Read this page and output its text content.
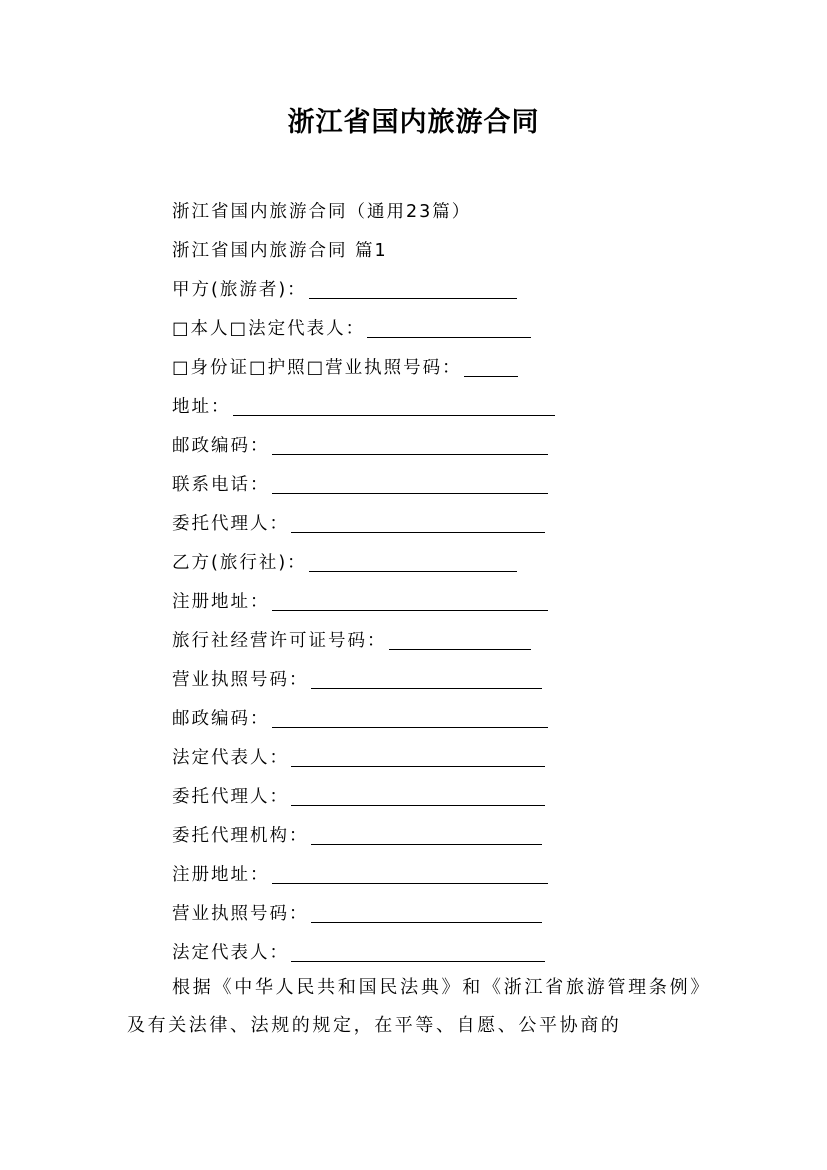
浙江省国内旅游合同
浙江省国内旅游合同（通用23篇）
浙江省国内旅游合同 篇1
甲方(旅游者)：
□本人□法定代表人：
□身份证□护照□营业执照号码：
地址：
邮政编码：
联系电话：
委托代理人：
乙方(旅行社)：
注册地址：
旅行社经营许可证号码：
营业执照号码：
邮政编码：
法定代表人：
委托代理人：
委托代理机构：
注册地址：
营业执照号码：
法定代表人：
根据《中华人民共和国民法典》和《浙江省旅游管理条例》及有关法律、法规的规定，在平等、自愿、公平协商的
